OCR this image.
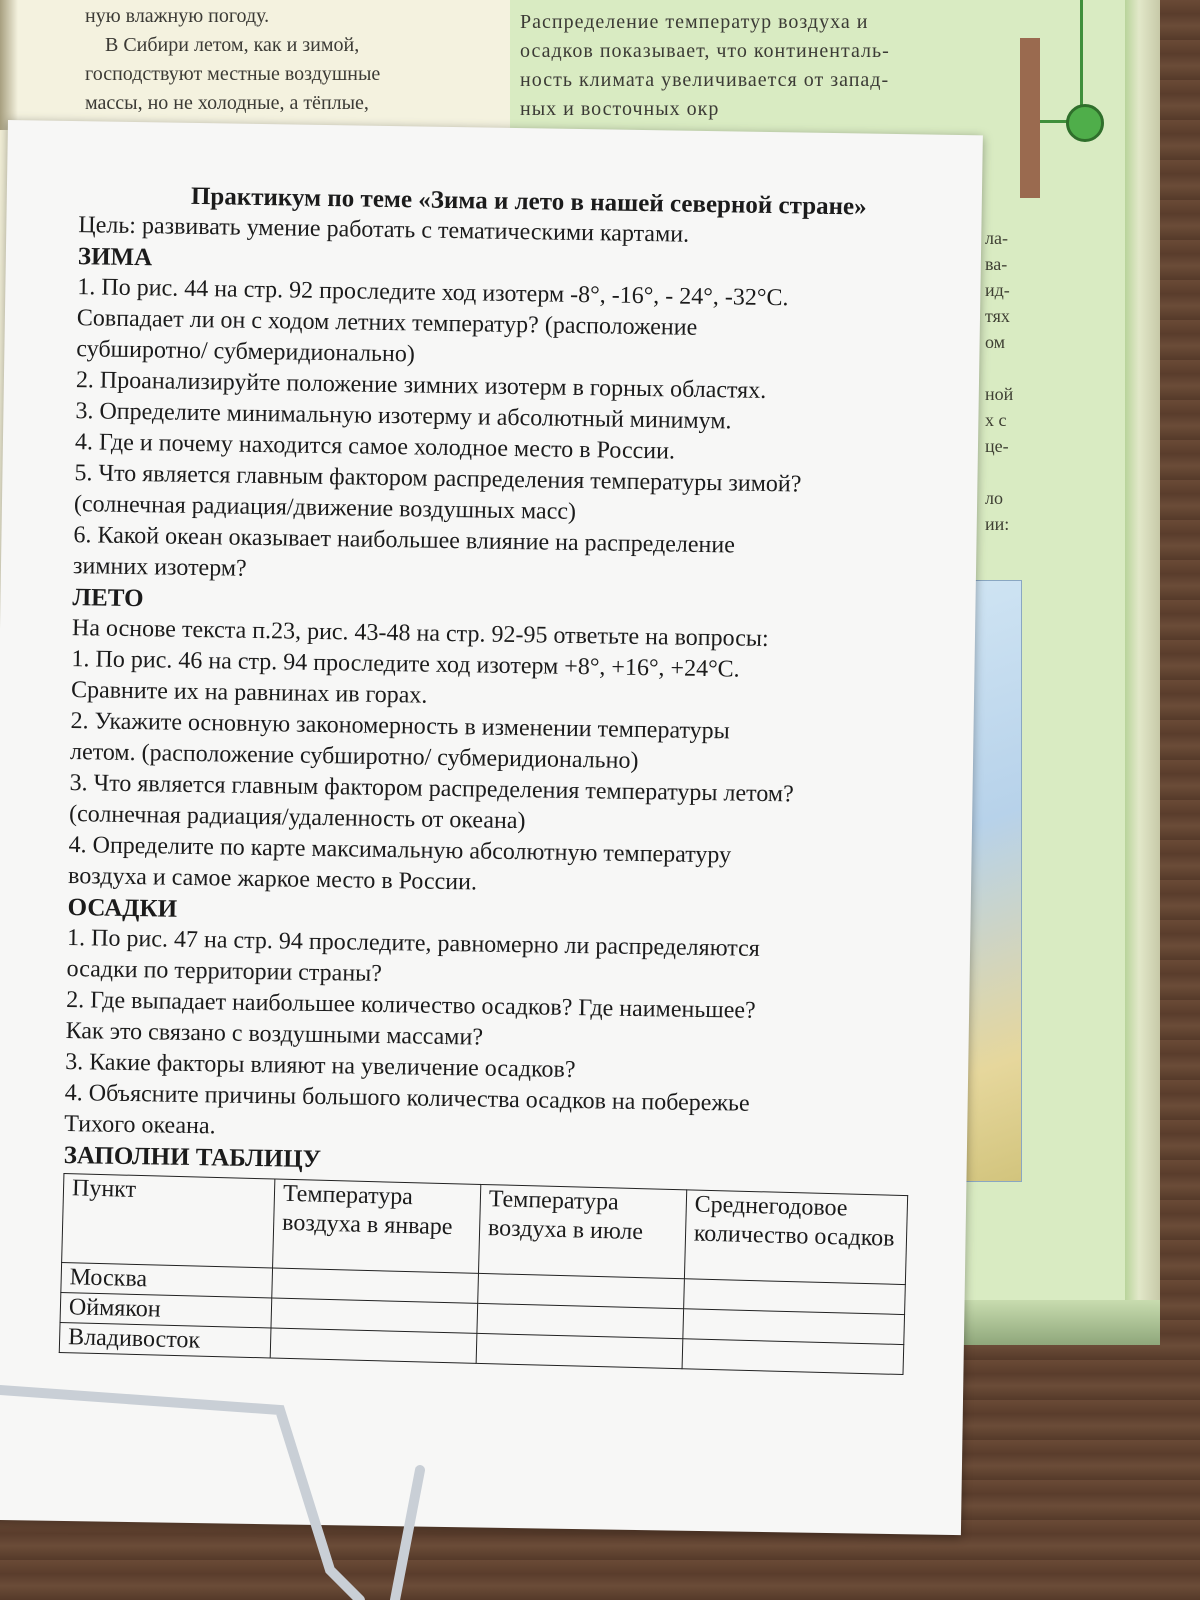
ную влажную погоду.
В Сибири летом, как и зимой,
господствуют местные воздушные
массы, но не холодные, а тёплые,
Распределение температур воздуха и
осадков показывает, что континенталь-
ность климата увеличивается от запад-
ных и восточных окр
ла-
ва-
ид-
тях
ом

ной
х с
це-

ло
ии:
Практикум по теме «Зима и лето в нашей северной стране»
Цель: развивать умение работать с тематическими картами.
ЗИМА
1. По рис. 44 на стр. 92 проследите ход изотерм -8°, -16°, - 24°, -32°С.
Совпадает ли он с ходом летних температур? (расположение
субширотно/ субмеридионально)
2. Проанализируйте положение зимних изотерм в горных областях.
3. Определите минимальную изотерму и абсолютный минимум.
4. Где и почему находится самое холодное место в России.
5. Что является главным фактором распределения температуры зимой?
(солнечная радиация/движение воздушных масс)
6. Какой океан оказывает наибольшее влияние на распределение
зимних изотерм?
ЛЕТО
На основе текста п.23, рис. 43-48 на стр. 92-95 ответьте на вопросы:
1. По рис. 46 на стр. 94 проследите ход изотерм +8°, +16°, +24°С.
Сравните их на равнинах ив горах.
2. Укажите основную закономерность в изменении температуры
летом. (расположение субширотно/ субмеридионально)
3. Что является главным фактором распределения температуры летом?
(солнечная радиация/удаленность от океана)
4. Определите по карте максимальную абсолютную температуру
воздуха и самое жаркое место в России.
ОСАДКИ
1. По рис. 47 на стр. 94 проследите, равномерно ли распределяются
осадки по территории страны?
2. Где выпадает наибольшее количество осадков? Где наименьшее?
Как это связано с воздушными массами?
3. Какие факторы влияют на увеличение осадков?
4. Объясните причины большого количества осадков на побережье
Тихого океана.
ЗАПОЛНИ ТАБЛИЦУ
Пункт	Температура воздуха в январе	Температура воздуха в июле	Среднегодовое количество осадков
Москва			
Оймякон			
Владивосток			
